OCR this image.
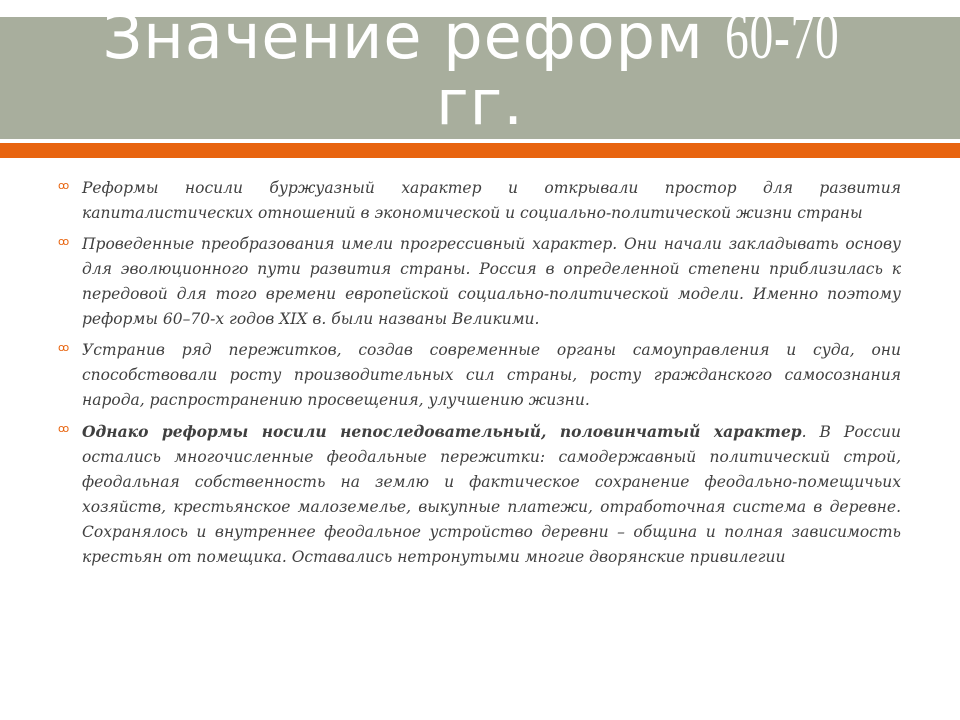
Значение реформ 60-70
гг.
ꝏ Реформы носили буржуазный характер и открывали простор для развития капиталистических отношений в экономической и социально-политической жизни страны
ꝏ Проведенные преобразования имели прогрессивный характер. Они начали закладывать основу для эволюционного пути развития страны. Россия в определенной степени приблизилась к передовой для того времени европейской социально-политической модели. Именно поэтому реформы 60–70-х годов XIX в. были названы Великими.
ꝏ Устранив ряд пережитков, создав современные органы самоуправления и суда, они способствовали росту производительных сил страны, росту гражданского самосознания народа, распространению просвещения, улучшению жизни.
ꝏ Однако реформы носили непоследовательный, половинчатый характер. В России остались многочисленные феодальные пережитки: самодержавный политический строй, феодальная собственность на землю и фактическое сохранение феодально-помещичьих хозяйств, крестьянское малоземелье, выкупные платежи, отработочная система в деревне. Сохранялось и внутреннее феодальное устройство деревни – община и полная зависимость крестьян от помещика. Оставались нетронутыми многие дворянские привилегии
